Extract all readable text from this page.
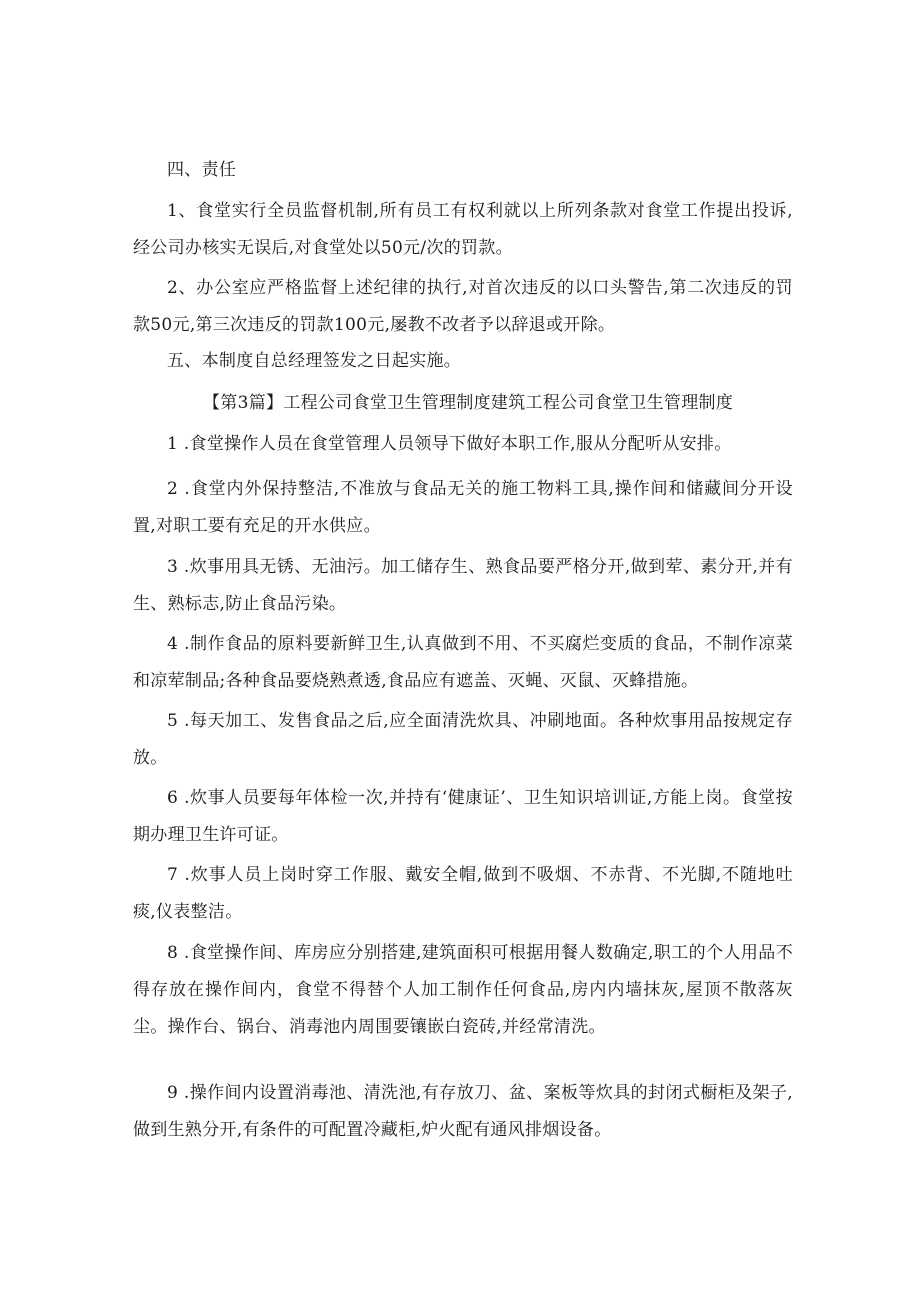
四、责任

1、食堂实行全员监督机制,所有员工有权利就以上所列条款对食堂工作提出投诉,经公司办核实无误后,对食堂处以50元/次的罚款。

2、办公室应严格监督上述纪律的执行,对首次违反的以口头警告,第二次违反的罚款50元,第三次违反的罚款100元,屡教不改者予以辞退或开除。

五、本制度自总经理签发之日起实施。

【第3篇】工程公司食堂卫生管理制度建筑工程公司食堂卫生管理制度

1 .食堂操作人员在食堂管理人员领导下做好本职工作,服从分配听从安排。

2 .食堂内外保持整洁,不准放与食品无关的施工物料工具,操作间和储藏间分开设置,对职工要有充足的开水供应。

3 .炊事用具无锈、无油污。加工储存生、熟食品要严格分开,做到荤、素分开,并有生、熟标志,防止食品污染。

4 .制作食品的原料要新鲜卫生,认真做到不用、不买腐烂变质的食品，不制作凉菜和凉荤制品;各种食品要烧熟煮透,食品应有遮盖、灭蝇、灭鼠、灭蜂措施。

5 .每天加工、发售食品之后,应全面清洗炊具、冲刷地面。各种炊事用品按规定存放。

6 .炊事人员要每年体检一次,并持有‘健康证’、卫生知识培训证,方能上岗。食堂按期办理卫生许可证。

7 .炊事人员上岗时穿工作服、戴安全帽,做到不吸烟、不赤背、不光脚,不随地吐痰,仪表整洁。

8 .食堂操作间、库房应分别搭建,建筑面积可根据用餐人数确定,职工的个人用品不得存放在操作间内，食堂不得替个人加工制作任何食品,房内内墙抹灰,屋顶不散落灰尘。操作台、锅台、消毒池内周围要镶嵌白瓷砖,并经常清洗。

9 .操作间内设置消毒池、清洗池,有存放刀、盆、案板等炊具的封闭式橱柜及架子,做到生熟分开,有条件的可配置冷藏柜,炉火配有通风排烟设备。
